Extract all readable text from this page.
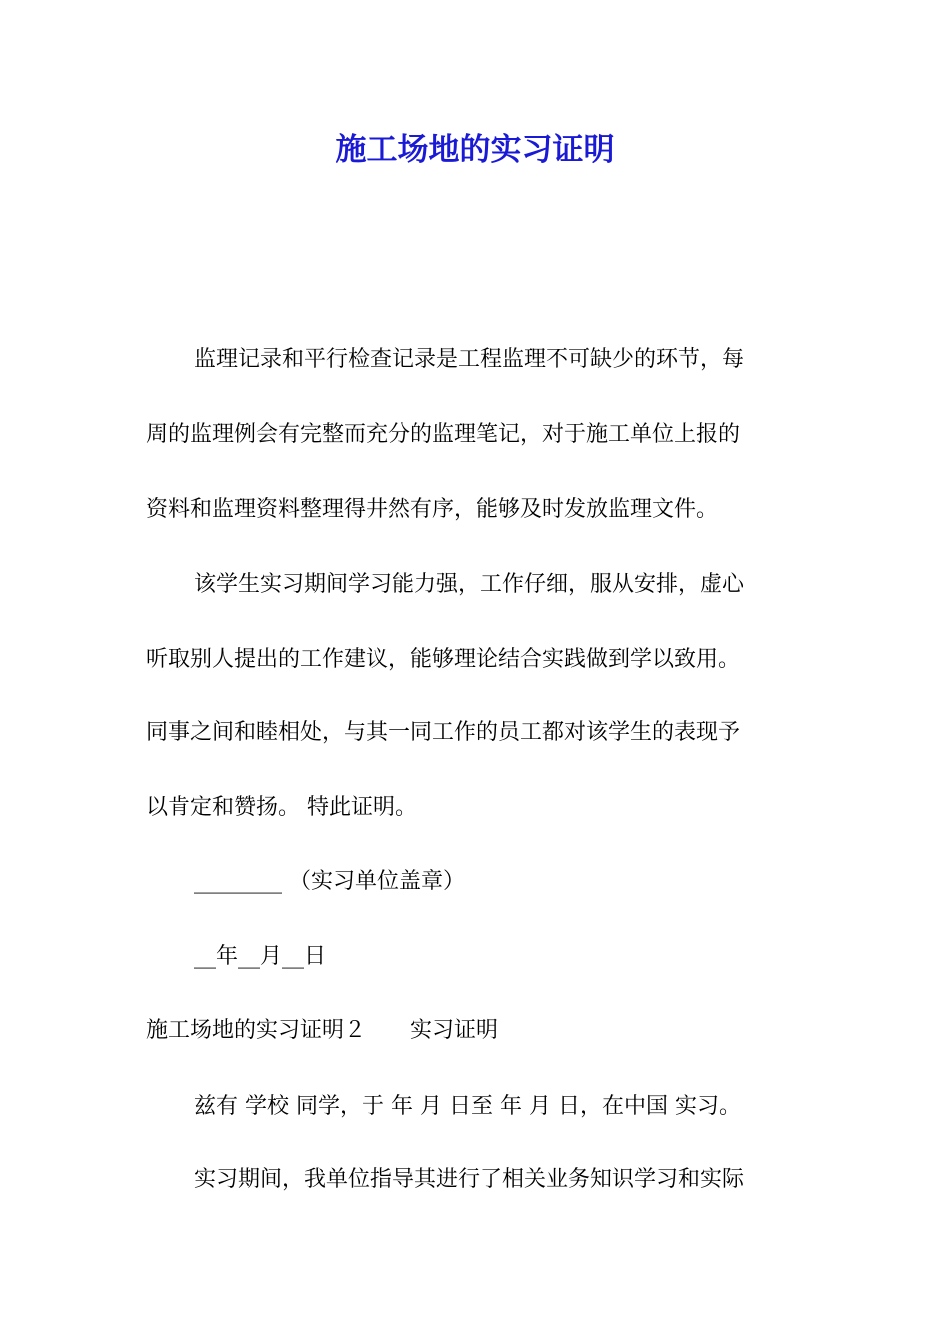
施工场地的实习证明

监理记录和平行检查记录是工程监理不可缺少的环节，每

周的监理例会有完整而充分的监理笔记，对于施工单位上报的

资料和监理资料整理得井然有序，能够及时发放监理文件。

该学生实习期间学习能力强，工作仔细，服从安排，虚心

听取别人提出的工作建议，能够理论结合实践做到学以致用。

同事之间和睦相处，与其一同工作的员工都对该学生的表现予

以肯定和赞扬。 特此证明。

________ （实习单位盖章）

__年__月__日

施工场地的实习证明２　　实习证明

兹有 学校 同学，于 年 月 日至 年 月 日，在中国 实习。

实习期间，我单位指导其进行了相关业务知识学习和实际
